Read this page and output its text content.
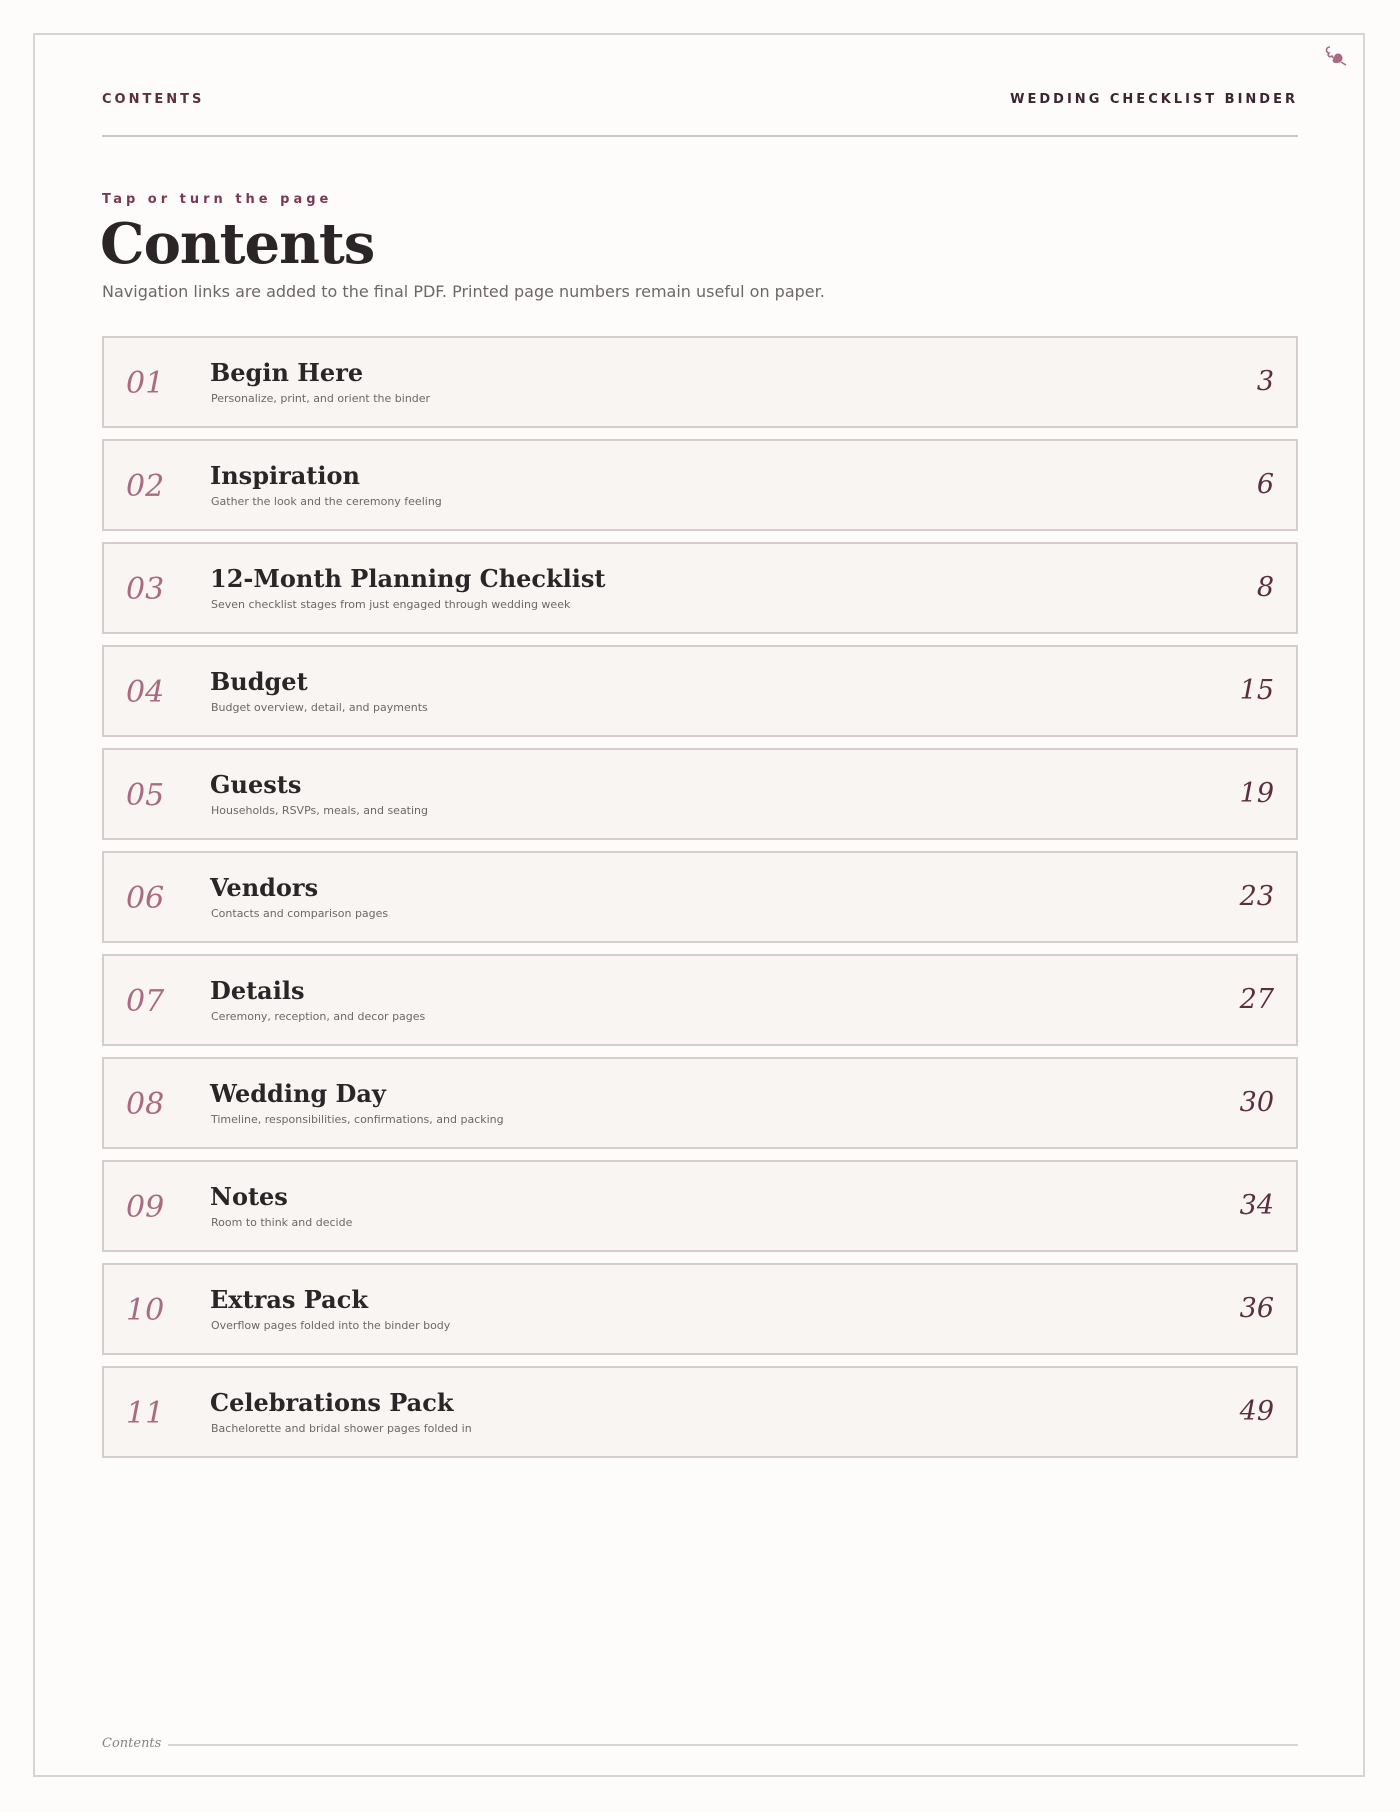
CONTENTS	WEDDING CHECKLIST BINDER
Tap or turn the page
Contents
Navigation links are added to the final PDF. Printed page numbers remain useful on paper.
01 Begin Here
Personalize, print, and orient the binder
3
02 Inspiration
Gather the look and the ceremony feeling
6
03 12-Month Planning Checklist
Seven checklist stages from just engaged through wedding week
8
04 Budget
Budget overview, detail, and payments
15
05 Guests
Households, RSVPs, meals, and seating
19
06 Vendors
Contacts and comparison pages
23
07 Details
Ceremony, reception, and decor pages
27
08 Wedding Day
Timeline, responsibilities, confirmations, and packing
30
09 Notes
Room to think and decide
34
10 Extras Pack
Overflow pages folded into the binder body
36
11 Celebrations Pack
Bachelorette and bridal shower pages folded in
49
Contents
